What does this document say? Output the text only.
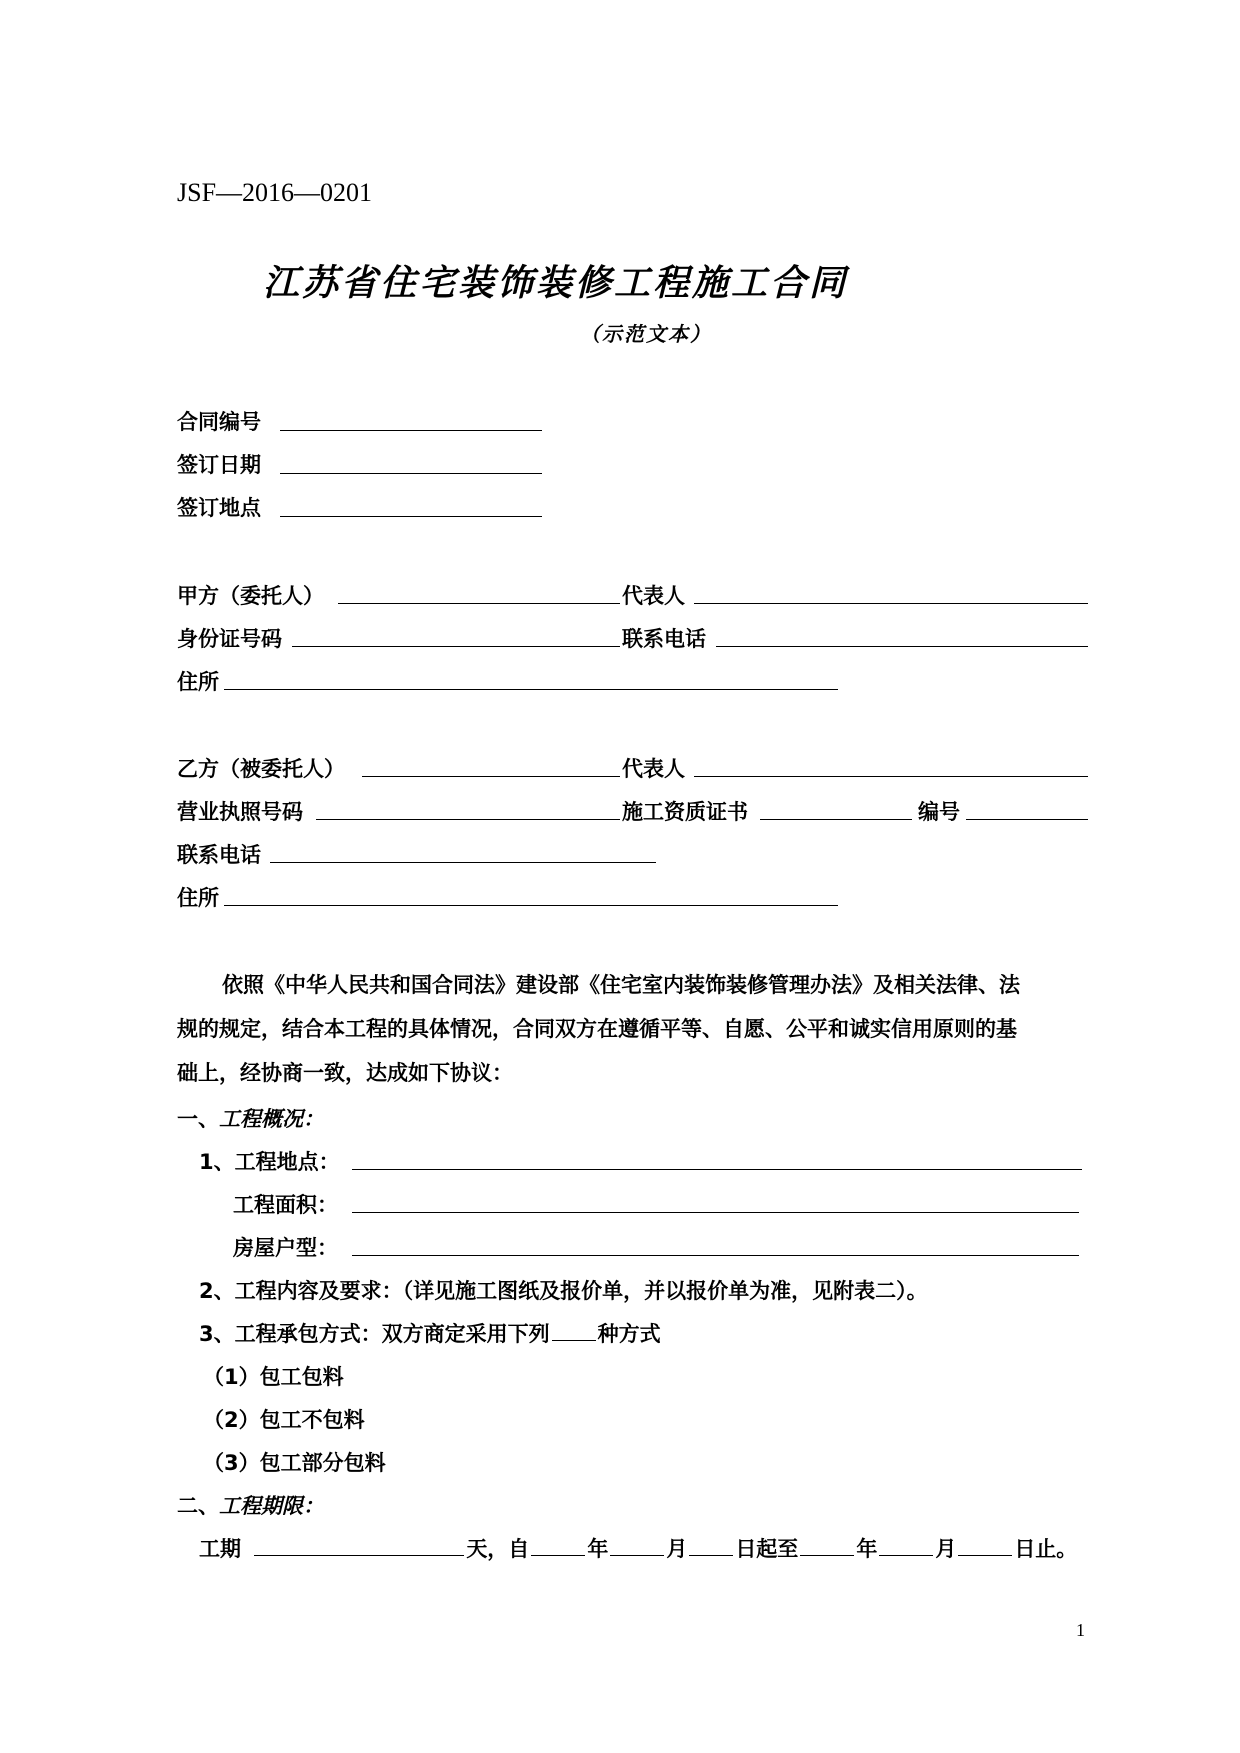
JSF—2016—0201
江苏省住宅装饰装修工程施工合同
（示范文本）
合同编号
签订日期
签订地点
甲方（委托人）	代表人
身份证号码	联系电话
住所
乙方（被委托人）	代表人
营业执照号码	施工资质证书	编号
联系电话
住所
依照《中华人民共和国合同法》建设部《住宅室内装饰装修管理办法》及相关法律、法
规的规定，结合本工程的具体情况，合同双方在遵循平等、自愿、公平和诚实信用原则的基
础上，经协商一致，达成如下协议：
一、工程概况：
1、工程地点：
工程面积：
房屋户型：
2、工程内容及要求：（详见施工图纸及报价单，并以报价单为准，见附表二）。
3、工程承包方式：双方商定采用下列 种方式
（1）包工包料
（2）包工不包料
（3）包工部分包料
二、工程期限：
工期	天，自	年	月 日起至	年	月	日止。
1
